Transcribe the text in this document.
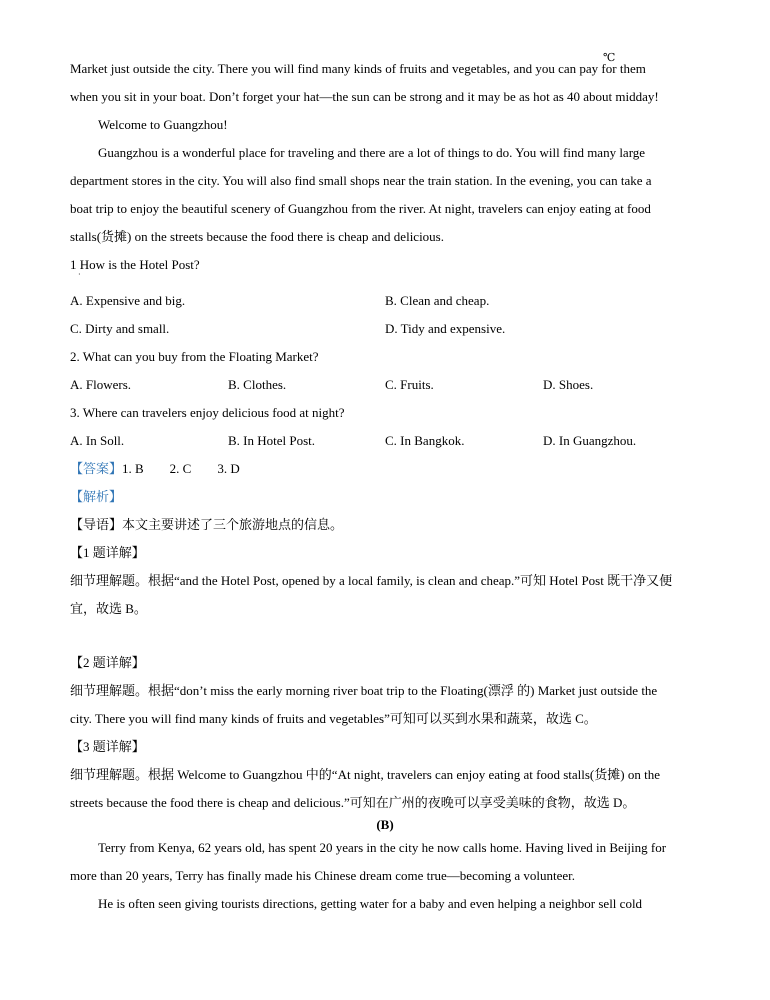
℃
Market just outside the city. There you will find many kinds of fruits and vegetables, and you can pay for them
when you sit in your boat. Don’t forget your hat—the sun can be strong and it may be as hot as 40 about midday!
Welcome to Guangzhou!
Guangzhou is a wonderful place for traveling and there are a lot of things to do. You will find many large
department stores in the city. You will also find small shops near the train station. In the evening, you can take a
boat trip to enjoy the beautiful scenery of Guangzhou from the river. At night, travelers can enjoy eating at food
stalls(货摊) on the streets because the food there is cheap and delicious.
1 How is the Hotel Post?
·
A. Expensive and big.	B. Clean and cheap.
C. Dirty and small.	D. Tidy and expensive.
2. What can you buy from the Floating Market?
A. Flowers.	B. Clothes.	C. Fruits.	D. Shoes.
3. Where can travelers enjoy delicious food at night?
A. In Soll.	B. In Hotel Post.	C. In Bangkok.	D. In Guangzhou.
【答案】1. B        2. C        3. D
【解析】
【导语】本文主要讲述了三个旅游地点的信息。
【1 题详解】
细节理解题。根据“and the Hotel Post, opened by a local family, is clean and cheap.”可知 Hotel Post 既干净又便
宜，故选 B。
【2 题详解】
细节理解题。根据“don’t miss the early morning river boat trip to the Floating(漂浮 的) Market just outside the
city. There you will find many kinds of fruits and vegetables”可知可以买到水果和蔬菜，故选 C。
【3 题详解】
细节理解题。根据 Welcome to Guangzhou 中的“At night, travelers can enjoy eating at food stalls(货摊) on the
streets because the food there is cheap and delicious.”可知在广州的夜晚可以享受美味的食物，故选 D。
(B)
Terry from Kenya, 62 years old, has spent 20 years in the city he now calls home. Having lived in Beijing for
more than 20 years, Terry has finally made his Chinese dream come true—becoming a volunteer.
He is often seen giving tourists directions, getting water for a baby and even helping a neighbor sell cold
